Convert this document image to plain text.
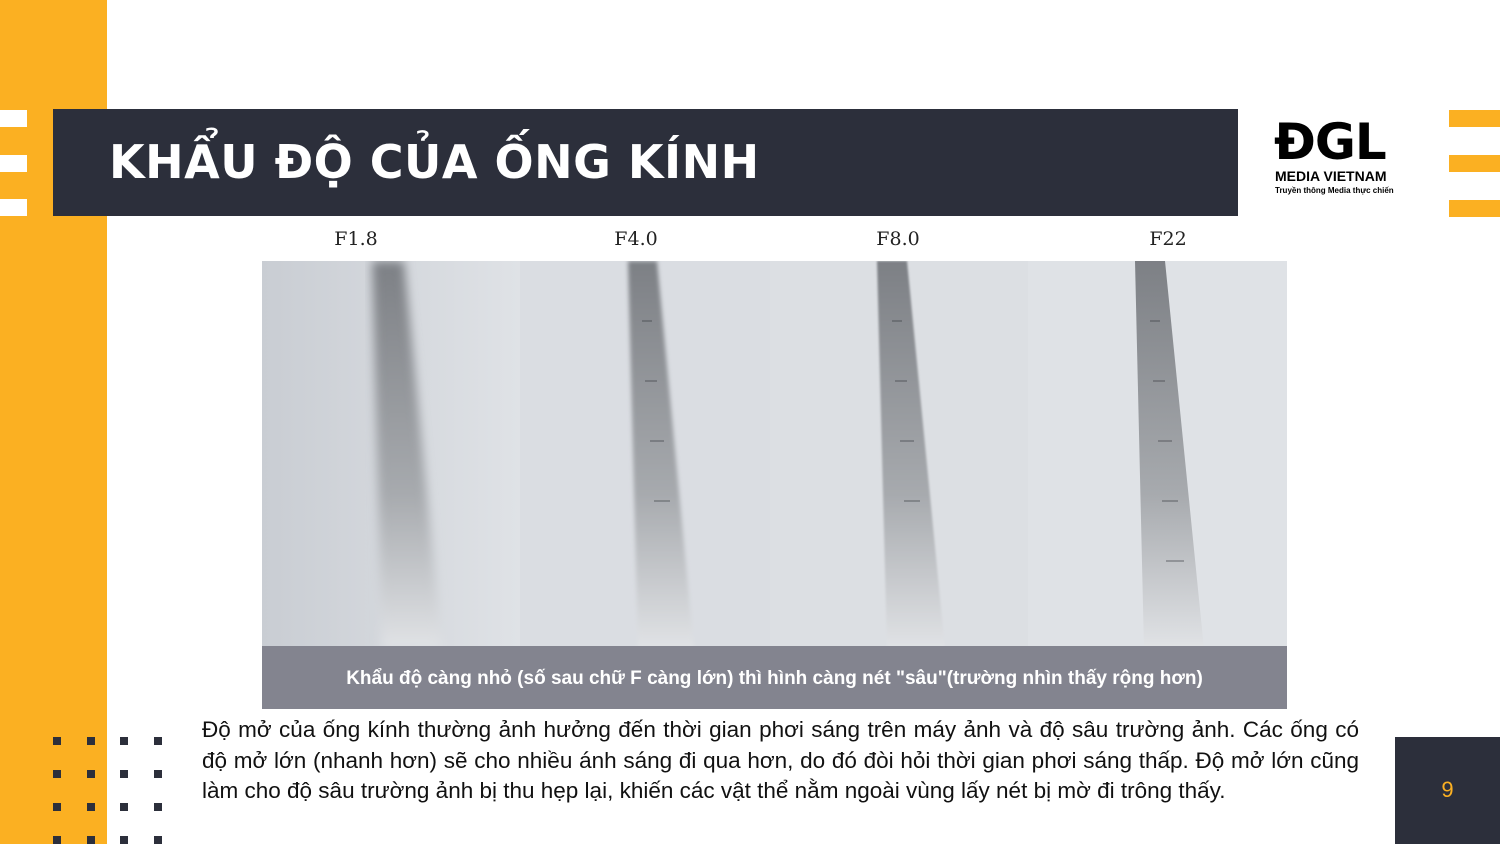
KHẨU ĐỘ CỦA ỐNG KÍNH	ĐGL
MEDIA VIETNAM
Truyền thông Media thực chiến
F1.8	F4.0	F8.0	F22
Khẩu độ càng nhỏ (số sau chữ F càng lớn) thì hình càng nét "sâu"(trường nhìn thấy rộng hơn)
Độ mở của ống kính thường ảnh hưởng đến thời gian phơi sáng trên máy ảnh và độ sâu trường ảnh. Các ống có độ mở lớn (nhanh hơn) sẽ cho nhiều ánh sáng đi qua hơn, do đó đòi hỏi thời gian phơi sáng thấp. Độ mở lớn cũng làm cho độ sâu trường ảnh bị thu hẹp lại, khiến các vật thể nằm ngoài vùng lấy nét bị mờ đi trông thấy.	9
